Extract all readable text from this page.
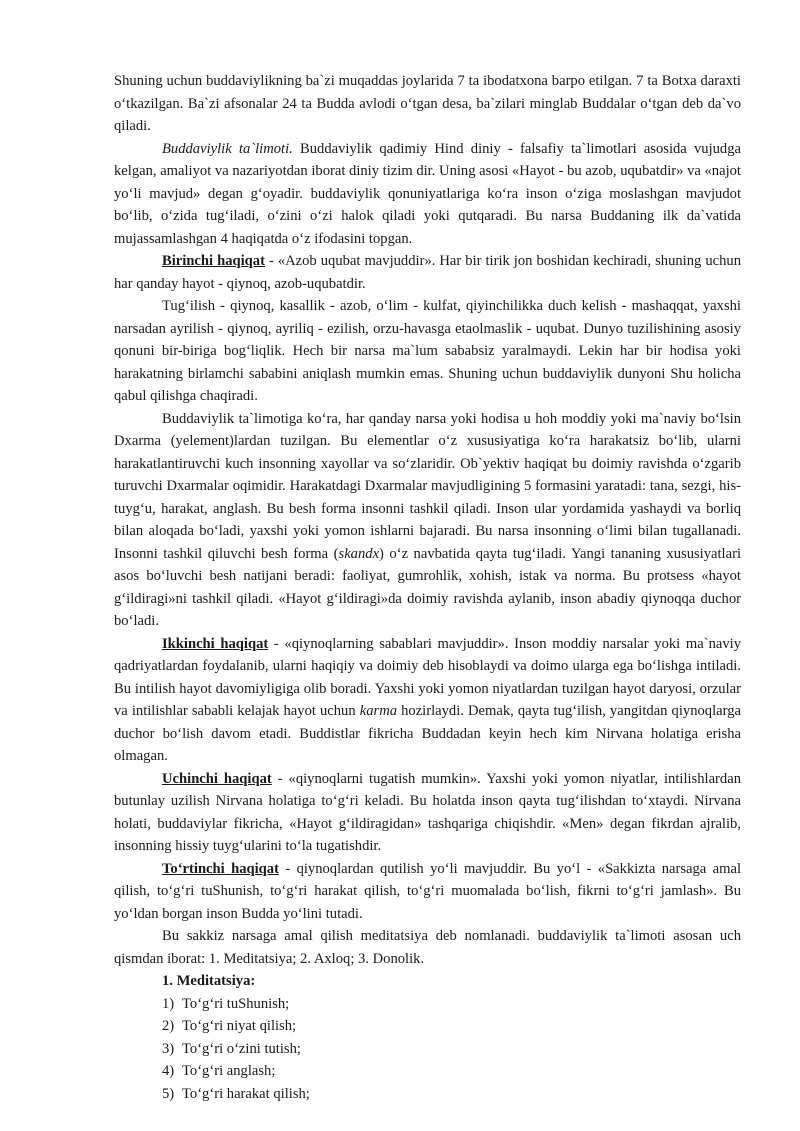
Shuning uchun buddaviylikning ba`zi muqaddas joylarida 7 ta ibodatxona barpo etilgan. 7 ta Botxa daraxti o‘tkazilgan. Ba`zi afsonalar 24 ta Budda avlodi o‘tgan desa, ba`zilari minglab Buddalar o‘tgan deb da`vo qiladi.

Buddaviylik ta`limoti. Buddaviylik qadimiy Hind diniy - falsafiy ta`limotlari asosida vujudga kelgan, amaliyot va nazariyotdan iborat diniy tizim dir. Uning asosi «Hayot - bu azob, uqubatdir» va «najot yo‘li mavjud» degan g‘oyadir. buddaviylik qonuniyatlariga ko‘ra inson o‘ziga moslashgan mavjudot bo‘lib, o‘zida tug‘iladi, o‘zini o‘zi halok qiladi yoki qutqaradi. Bu narsa Buddaning ilk da`vatida mujassamlashgan 4 haqiqatda o‘z ifodasini topgan.

Birinchi haqiqat - «Azob uqubat mavjuddir». Har bir tirik jon boshidan kechiradi, shuning uchun har qanday hayot - qiynoq, azob-uqubatdir.

Tug‘ilish - qiynoq, kasallik - azob, o‘lim - kulfat, qiyinchilikka duch kelish - mashaqqat, yaxshi narsadan ayrilish - qiynoq, ayriliq - ezilish, orzu-havasga etaolmaslik - uqubat. Dunyo tuzilishining asosiy qonuni bir-biriga bog‘liqlik. Hech bir narsa ma`lum sababsiz yaralmaydi. Lekin har bir hodisa yoki harakatning birlamchi sababini aniqlash mumkin emas. Shuning uchun buddaviylik dunyoni Shu holicha qabul qilishga chaqiradi.

Buddaviylik ta`limotiga ko‘ra, har qanday narsa yoki hodisa u hoh moddiy yoki ma`naviy bo‘lsin Dxarma (yelement)lardan tuzilgan. Bu elementlar o‘z xususiyatiga ko‘ra harakatsiz bo‘lib, ularni harakatlantiruvchi kuch insonning xayollar va so‘zlaridir. Ob`yektiv haqiqat bu doimiy ravishda o‘zgarib turuvchi Dxarmalar oqimidir. Harakatdagi Dxarmalar mavjudligining 5 formasini yaratadi: tana, sezgi, his-tuyg‘u, harakat, anglash. Bu besh forma insonni tashkil qiladi. Inson ular yordamida yashaydi va borliq bilan aloqada bo‘ladi, yaxshi yoki yomon ishlarni bajaradi. Bu narsa insonning o‘limi bilan tugallanadi. Insonni tashkil qiluvchi besh forma (skandx) o‘z navbatida qayta tug‘iladi. Yangi tananing xususiyatlari asos bo‘luvchi besh natijani beradi: faoliyat, gumrohlik, xohish, istak va norma. Bu protsess «hayot g‘ildiragi»ni tashkil qiladi. «Hayot g‘ildiragi»da doimiy ravishda aylanib, inson abadiy qiynoqqa duchor bo‘ladi.

Ikkinchi haqiqat - «qiynoqlarning sabablari mavjuddir». Inson moddiy narsalar yoki ma`naviy qadriyatlardan foydalanib, ularni haqiqiy va doimiy deb hisoblaydi va doimo ularga ega bo‘lishga intiladi. Bu intilish hayot davomiyligiga olib boradi. Yaxshi yoki yomon niyatlardan tuzilgan hayot daryosi, orzular va intilishlar sababli kelajak hayot uchun karma hozirlaydi. Demak, qayta tug‘ilish, yangitdan qiynoqlarga duchor bo‘lish davom etadi. Buddistlar fikricha Buddadan keyin hech kim Nirvana holatiga erisha olmagan.

Uchinchi haqiqat - «qiynoqlarni tugatish mumkin». Yaxshi yoki yomon niyatlar, intilishlardan butunlay uzilish Nirvana holatiga to‘g‘ri keladi. Bu holatda inson qayta tug‘ilishdan to‘xtaydi. Nirvana holati, buddaviylar fikricha, «Hayot g‘ildiragidan» tashqariga chiqishdir. «Men» degan fikrdan ajralib, insonning hissiy tuyg‘ularini to‘la tugatishdir.

To‘rtinchi haqiqat - qiynoqlardan qutilish yo‘li mavjuddir. Bu yo‘l - «Sakkizta narsaga amal qilish, to‘g‘ri tuShunish, to‘g‘ri harakat qilish, to‘g‘ri muomalada bo‘lish, fikrni to‘g‘ri jamlash». Bu yo‘ldan borgan inson Budda yo‘lini tutadi.

Bu sakkiz narsaga amal qilish meditatsiya deb nomlanadi. buddaviylik ta`limoti asosan uch qismdan iborat: 1. Meditatsiya; 2. Axloq; 3. Donolik.

1. Meditatsiya:

1) To‘g‘ri tuShunish;
2) To‘g‘ri niyat qilish;
3) To‘g‘ri o‘zini tutish;
4) To‘g‘ri anglash;
5) To‘g‘ri harakat qilish;
